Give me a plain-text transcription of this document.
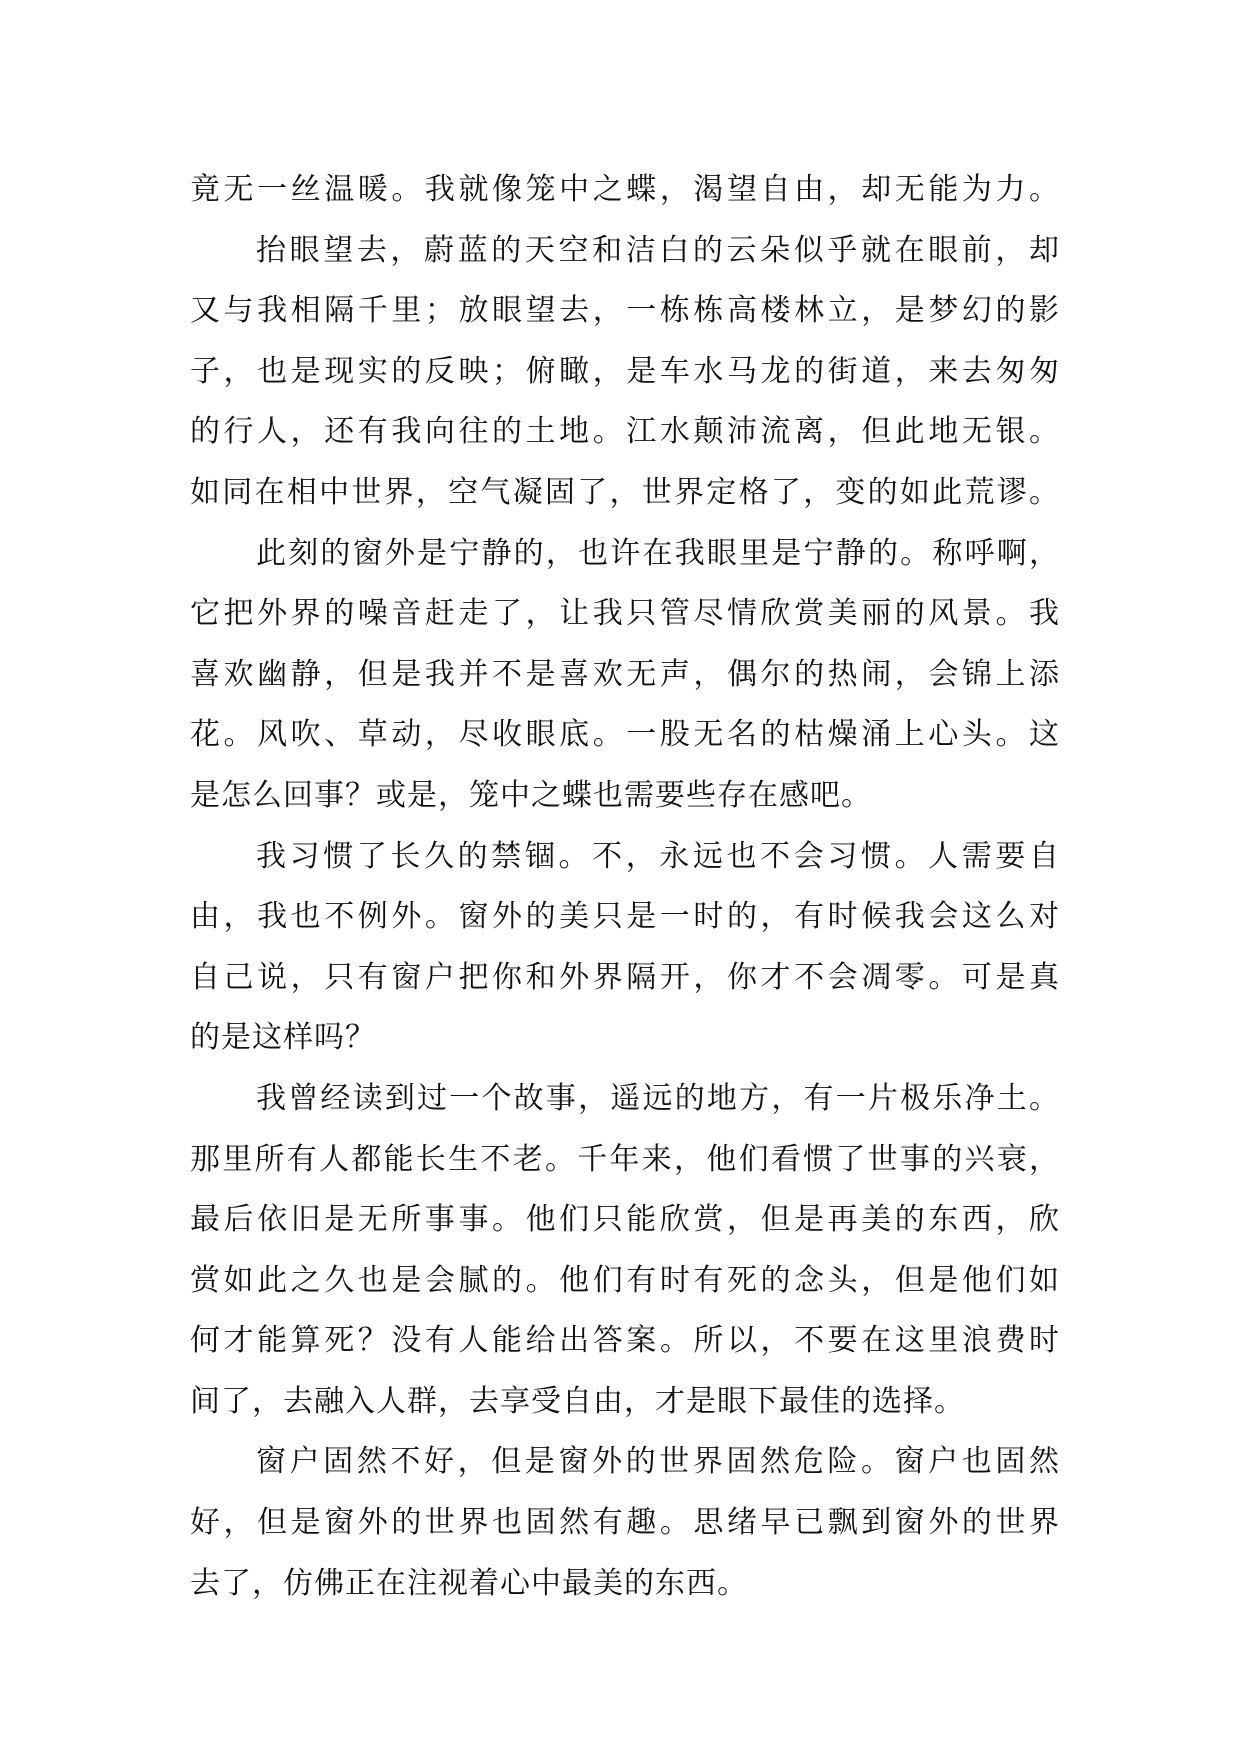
竟无一丝温暖。我就像笼中之蝶，渴望自由，却无能为力。
抬眼望去，蔚蓝的天空和洁白的云朵似乎就在眼前，却
又与我相隔千里；放眼望去，一栋栋高楼林立，是梦幻的影
子，也是现实的反映；俯瞰，是车水马龙的街道，来去匆匆
的行人，还有我向往的土地。江水颠沛流离，但此地无银。
如同在相中世界，空气凝固了，世界定格了，变的如此荒谬。
此刻的窗外是宁静的，也许在我眼里是宁静的。称呼啊，
它把外界的噪音赶走了，让我只管尽情欣赏美丽的风景。我
喜欢幽静，但是我并不是喜欢无声，偶尔的热闹，会锦上添
花。风吹、草动，尽收眼底。一股无名的枯燥涌上心头。这
是怎么回事？或是，笼中之蝶也需要些存在感吧。
我习惯了长久的禁锢。不，永远也不会习惯。人需要自
由，我也不例外。窗外的美只是一时的，有时候我会这么对
自己说，只有窗户把你和外界隔开，你才不会凋零。可是真
的是这样吗？
我曾经读到过一个故事，遥远的地方，有一片极乐净土。
那里所有人都能长生不老。千年来，他们看惯了世事的兴衰，
最后依旧是无所事事。他们只能欣赏，但是再美的东西，欣
赏如此之久也是会腻的。他们有时有死的念头，但是他们如
何才能算死？没有人能给出答案。所以，不要在这里浪费时
间了，去融入人群，去享受自由，才是眼下最佳的选择。
窗户固然不好，但是窗外的世界固然危险。窗户也固然
好，但是窗外的世界也固然有趣。思绪早已飘到窗外的世界
去了，仿佛正在注视着心中最美的东西。
